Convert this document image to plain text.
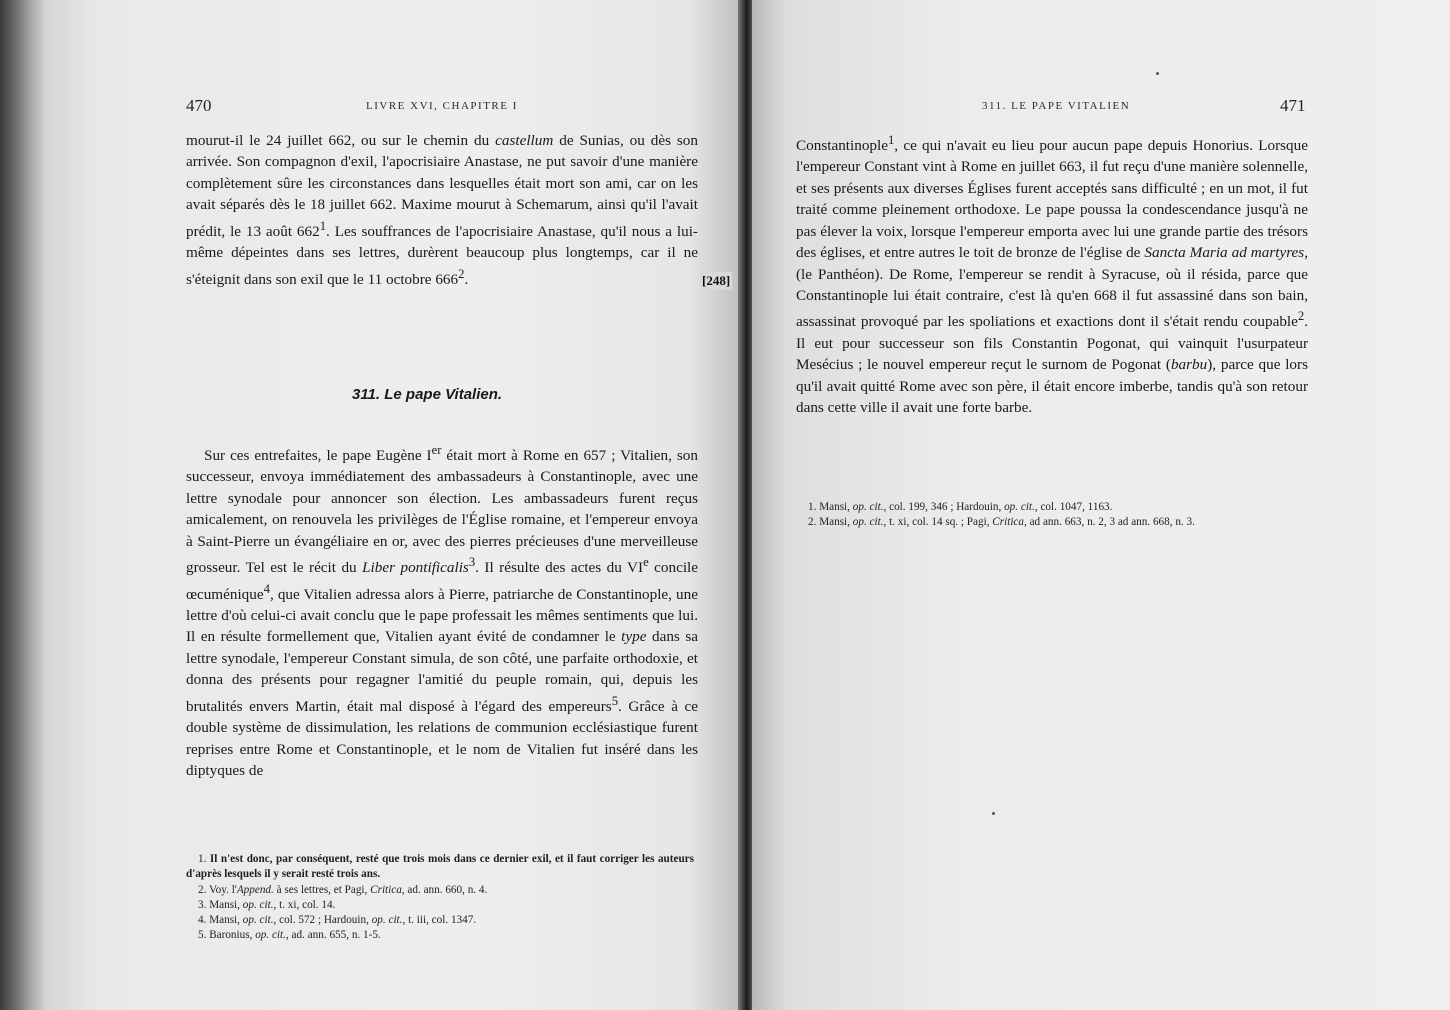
470	LIVRE XVI, CHAPITRE I

mourut-il le 24 juillet 662, ou sur le chemin du castellum de Sunias, ou dès son arrivée. Son compagnon d'exil, l'apocrisiaire Anastase, ne put savoir d'une manière complètement sûre les circonstances dans lesquelles était mort son ami, car on les avait séparés dès le 18 juillet 662. Maxime mourut à Schemarum, ainsi qu'il l'avait prédit, le 13 août $662^1$. Les souffrances de l'apocrisiaire Anastase, qu'il nous a lui-même dépeintes dans ses lettres, durèrent beaucoup plus longtemps, car il ne s'éteignit dans son exil que le 11 octobre $666^2$.

311. Le pape Vitalien.

Sur ces entrefaites, le pape Eugène Ier était mort à Rome en 657 ; Vitalien, son successeur, envoya immédiatement des ambassadeurs à Constantinople, avec une lettre synodale pour annoncer son élection. Les ambassadeurs furent reçus amicalement, on renouvela les privilèges de l'Église romaine, et l'empereur envoya à Saint-Pierre un évangéliaire en or, avec des pierres précieuses d'une merveilleuse grosseur. Tel est le récit du Liber pontificalis$^3$. Il résulte des actes du VIe concile œcuménique$^4$, que Vitalien adressa alors à Pierre, patriarche de Constantinople, une lettre d'où celui-ci avait conclu que le pape professait les mêmes sentiments que lui. Il en résulte formellement que, Vitalien ayant évité de condamner le type dans sa lettre synodale, l'empereur Constant simula, de son côté, une parfaite orthodoxie, et donna des présents pour regagner l'amitié du peuple romain, qui, depuis les brutalités envers Martin, était mal disposé à l'égard des empereurs$^5$. Grâce à ce double système de dissimulation, les relations de communion ecclésiastique furent reprises entre Rome et Constantinople, et le nom de Vitalien fut inséré dans les diptyques de

1. Il n'est donc, par conséquent, resté que trois mois dans ce dernier exil, et il faut corriger les auteurs d'après lesquels il y serait resté trois ans.
2. Voy. l'Append. à ses lettres, et Pagi, Critica, ad. ann. 660, n. 4.
3. Mansi, op. cit., t. xi, col. 14.
4. Mansi, op. cit., col. 572 ; Hardouin, op. cit., t. iii, col. 1347.
5. Baronius, op. cit., ad. ann. 655, n. 1-5.
[248]
311. LE PAPE VITALIEN	471

Constantinople$^1$, ce qui n'avait eu lieu pour aucun pape depuis Honorius. Lorsque l'empereur Constant vint à Rome en juillet 663, il fut reçu d'une manière solennelle, et ses présents aux diverses Églises furent acceptés sans difficulté ; en un mot, il fut traité comme pleinement orthodoxe. Le pape poussa la condescendance jusqu'à ne pas élever la voix, lorsque l'empereur emporta avec lui une grande partie des trésors des églises, et entre autres le toit de bronze de l'église de Sancta Maria ad martyres, (le Panthéon). De Rome, l'empereur se rendit à Syracuse, où il résida, parce que Constantinople lui était contraire, c'est là qu'en 668 il fut assassiné dans son bain, assassinat provoqué par les spoliations et exactions dont il s'était rendu coupable$^2$. Il eut pour successeur son fils Constantin Pogonat, qui vainquit l'usurpateur Mesécius ; le nouvel empereur reçut le surnom de Pogonat (barbu), parce que lors qu'il avait quitté Rome avec son père, il était encore imberbe, tandis qu'à son retour dans cette ville il avait une forte barbe.

1. Mansi, op. cit., col. 199, 346 ; Hardouin, op. cit., col. 1047, 1163.
2. Mansi, op. cit., t. xi, col. 14 sq. ; Pagi, Critica, ad ann. 663, n. 2, 3 ad ann. 668, n. 3.
